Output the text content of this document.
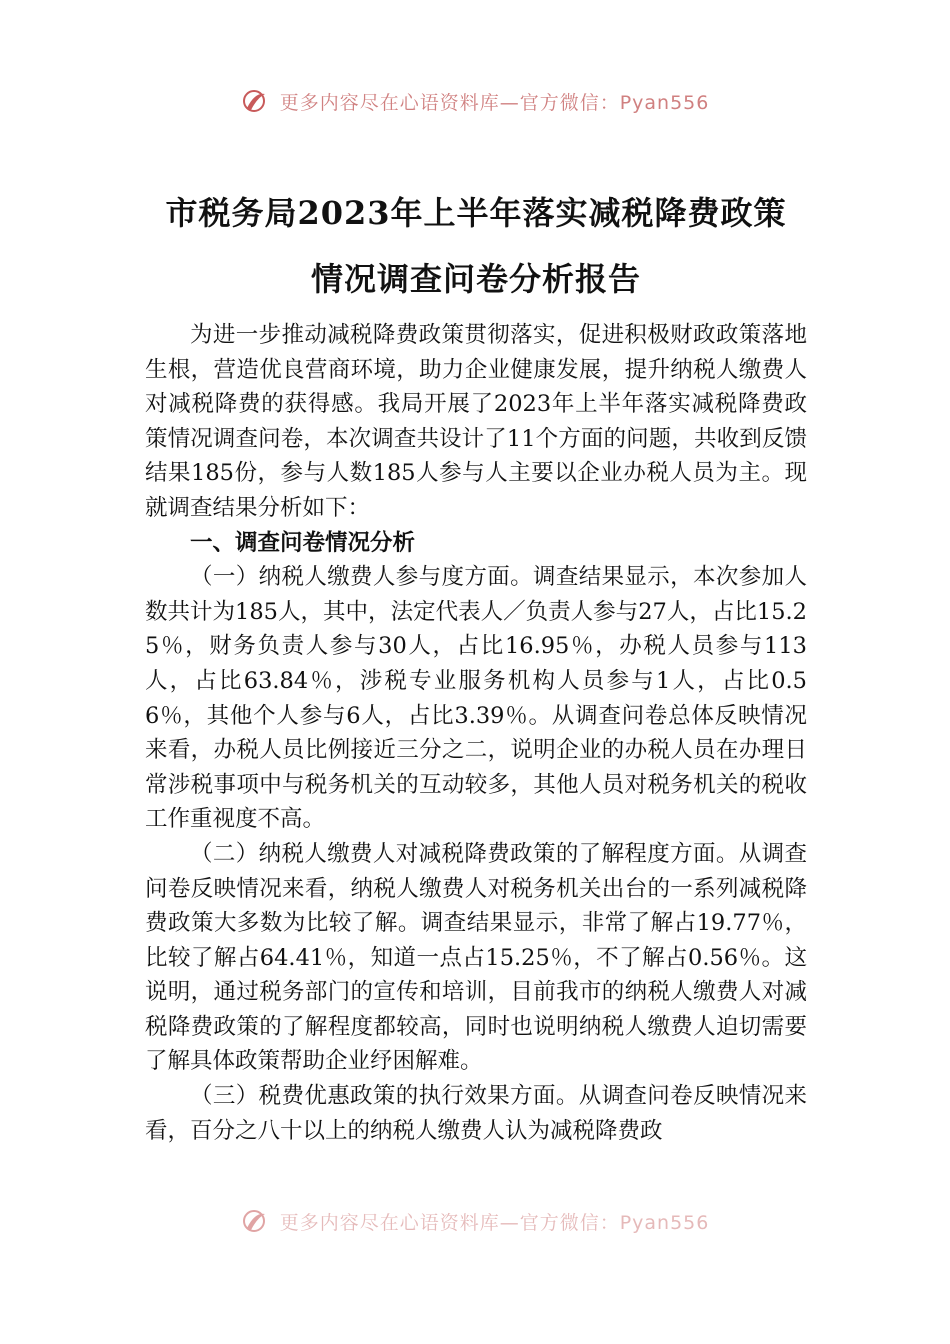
更多内容尽在心语资料库—官方微信：Pyan556
市税务局2023年上半年落实减税降费政策
情况调查问卷分析报告

为进一步推动减税降费政策贯彻落实，促进积极财政政策落地生根，营造优良营商环境，助力企业健康发展，提升纳税人缴费人对减税降费的获得感。我局开展了2023年上半年落实减税降费政策情况调查问卷，本次调查共设计了11个方面的问题，共收到反馈结果185份，参与人数185人参与人主要以企业办税人员为主。现就调查结果分析如下：

一、调查问卷情况分析

（一）纳税人缴费人参与度方面。调查结果显示，本次参加人数共计为185人，其中，法定代表人／负责人参与27人，占比15.25％，财务负责人参与30人，占比16.95％，办税人员参与113人，占比63.84％，涉税专业服务机构人员参与1人，占比0.56％，其他个人参与6人，占比3.39％。从调查问卷总体反映情况来看，办税人员比例接近三分之二，说明企业的办税人员在办理日常涉税事项中与税务机关的互动较多，其他人员对税务机关的税收工作重视度不高。

（二）纳税人缴费人对减税降费政策的了解程度方面。从调查问卷反映情况来看，纳税人缴费人对税务机关出台的一系列减税降费政策大多数为比较了解。调查结果显示，非常了解占19.77％，比较了解占64.41％，知道一点占15.25％，不了解占0.56％。这说明，通过税务部门的宣传和培训，目前我市的纳税人缴费人对减税降费政策的了解程度都较高，同时也说明纳税人缴费人迫切需要了解具体政策帮助企业纾困解难。

（三）税费优惠政策的执行效果方面。从调查问卷反映情况来看，百分之八十以上的纳税人缴费人认为减税降费政

更多内容尽在心语资料库—官方微信：Pyan556
